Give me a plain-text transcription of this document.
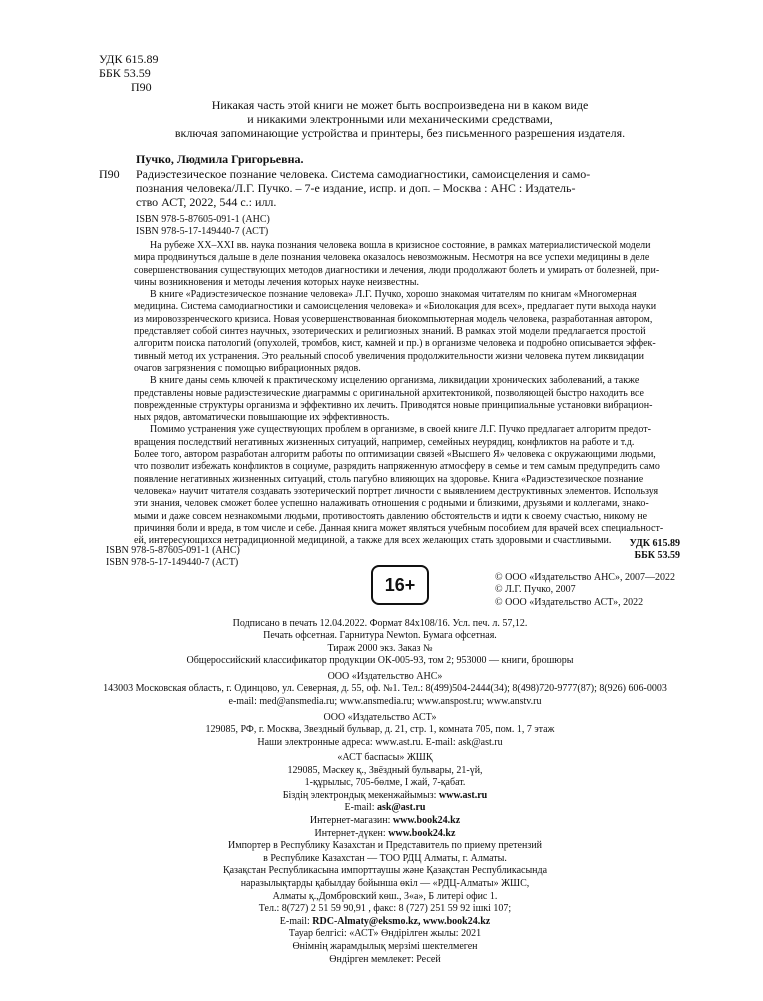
УДК 615.89
ББК 53.59
П90
Никакая часть этой книги не может быть воспроизведена ни в каком виде
и никакими электронными или механическими средствами,
включая запоминающие устройства и принтеры, без письменного разрешения издателя.
Пучко, Людмила Григорьевна.
П90 Радиэстезическое познание человека. Система самодиагностики, самоисцеления и само-
познания человека/Л.Г. Пучко. – 7-е издание, испр. и доп. – Москва : АНС : Издатель-
ство АСТ, 2022, 544 с.: илл.
ISBN 978-5-87605-091-1 (АНС)
ISBN 978-5-17-149440-7 (АСТ)
На рубеже XX–XXI вв. наука познания человека вошла в кризисное состояние, в рамках материалистической модели
мира продвинуться дальше в деле познания человека оказалось невозможным. Несмотря на все успехи медицины в деле
совершенствования существующих методов диагностики и лечения, люди продолжают болеть и умирать от болезней, при-
чины возникновения и методы лечения которых науке неизвестны.
В книге «Радиэстезическое познание человека» Л.Г. Пучко, хорошо знакомая читателям по книгам «Многомерная
медицина. Система самодиагностики и самоисцеления человека» и «Биолокация для всех», предлагает пути выхода науки
из мировоззренческого кризиса. Новая усовершенствованная биокомпьютерная модель человека, разработанная автором,
представляет собой синтез научных, эзотерических и религиозных знаний. В рамках этой модели предлагается простой
алгоритм поиска патологий (опухолей, тромбов, кист, камней и пр.) в организме человека и подробно описывается эффек-
тивный метод их устранения. Это реальный способ увеличения продолжительности жизни человека путем ликвидации
очагов загрязнения с помощью вибрационных рядов.
В книге даны семь ключей к практическому исцелению организма, ликвидации хронических заболеваний, а также
представлены новые радиэстезические диаграммы с оригинальной архитектоникой, позволяющей быстро находить все
поврежденные структуры организма и эффективно их лечить. Приводятся новые принципиальные установки вибрацион-
ных рядов, автоматически повышающие их эффективность.
Помимо устранения уже существующих проблем в организме, в своей книге Л.Г. Пучко предлагает алгоритм предот-
вращения последствий негативных жизненных ситуаций, например, семейных неурядиц, конфликтов на работе и т.д.
Более того, автором разработан алгоритм работы по оптимизации связей «Высшего Я» человека с окружающими людьми,
что позволит избежать конфликтов в социуме, разрядить напряженную атмосферу в семье и тем самым предупредить само
появление негативных жизненных ситуаций, столь пагубно влияющих на здоровье. Книга «Радиэстезическое познание
человека» научит читателя создавать эзотерический портрет личности с выявлением деструктивных элементов. Используя
эти знания, человек сможет более успешно налаживать отношения с родными и близкими, друзьями и коллегами, знако-
мыми и даже совсем незнакомыми людьми, противостоять давлению обстоятельств и идти к своему счастью, никому не
причиняя боли и вреда, в том числе и себе. Данная книга может являться учебным пособием для врачей всех специальност-
ей, интересующихся нетрадиционной медициной, а также для всех желающих стать здоровыми и счастливыми.
ISBN 978-5-87605-091-1 (АНС)
ISBN 978-5-17-149440-7 (АСТ)
УДК 615.89
ББК 53.59
16+	© ООО «Издательство АНС», 2007—2022
© Л.Г. Пучко, 2007
© ООО «Издательство АСТ», 2022
Подписано в печать 12.04.2022. Формат 84х108/16. Усл. печ. л. 57,12.
Печать офсетная. Гарнитура Newton. Бумага офсетная.
Тираж 2000 экз. Заказ №
Общероссийский классификатор продукции ОК-005-93, том 2; 953000 — книги, брошюры
ООО «Издательство АНС»
143003 Московская область, г. Одинцово, ул. Северная, д. 55, оф. №1. Тел.: 8(499)504-2444(34); 8(498)720-9777(87); 8(926) 606-0003
e-mail: med@ansmedia.ru; www.ansmedia.ru; www.anspost.ru; www.anstv.ru
ООО «Издательство АСТ»
129085, РФ, г. Москва, Звездный бульвар, д. 21, стр. 1, комната 705, пом. 1, 7 этаж
Наши электронные адреса: www.ast.ru. E-mail: ask@ast.ru
«АСТ баспасы» ЖШҚ
129085, Мәскеу қ., Звёздный бульвары, 21-үй,
1-құрылыс, 705-бөлме, I жай, 7-қабат.
Біздің электрондық мекенжайымыз: www.ast.ru
E-mail: ask@ast.ru
Интернет-магазин: www.book24.kz
Интернет-дүкен: www.book24.kz
Импортер в Республику Казахстан и Представитель по приему претензий
в Республике Казахстан — ТОО РДЦ Алматы, г. Алматы.
Қазақстан Республикасына импорттаушы және Қазақстан Республикасында
наразылықтарды қабылдау бойынша өкіл — «РДЦ-Алматы» ЖШС,
Алматы қ.,Домбровский көш., 3«а», Б литері офис 1.
Тел.: 8(727) 2 51 59 90,91 , факс: 8 (727) 251 59 92 ішкі 107;
E-mail: RDC-Almaty@eksmo.kz, www.book24.kz
Тауар белгісі: «АСТ» Өндірілген жылы: 2021
Өнімнің жарамдылық мерзімі шектелмеген
Өндірген мемлекет: Ресей
